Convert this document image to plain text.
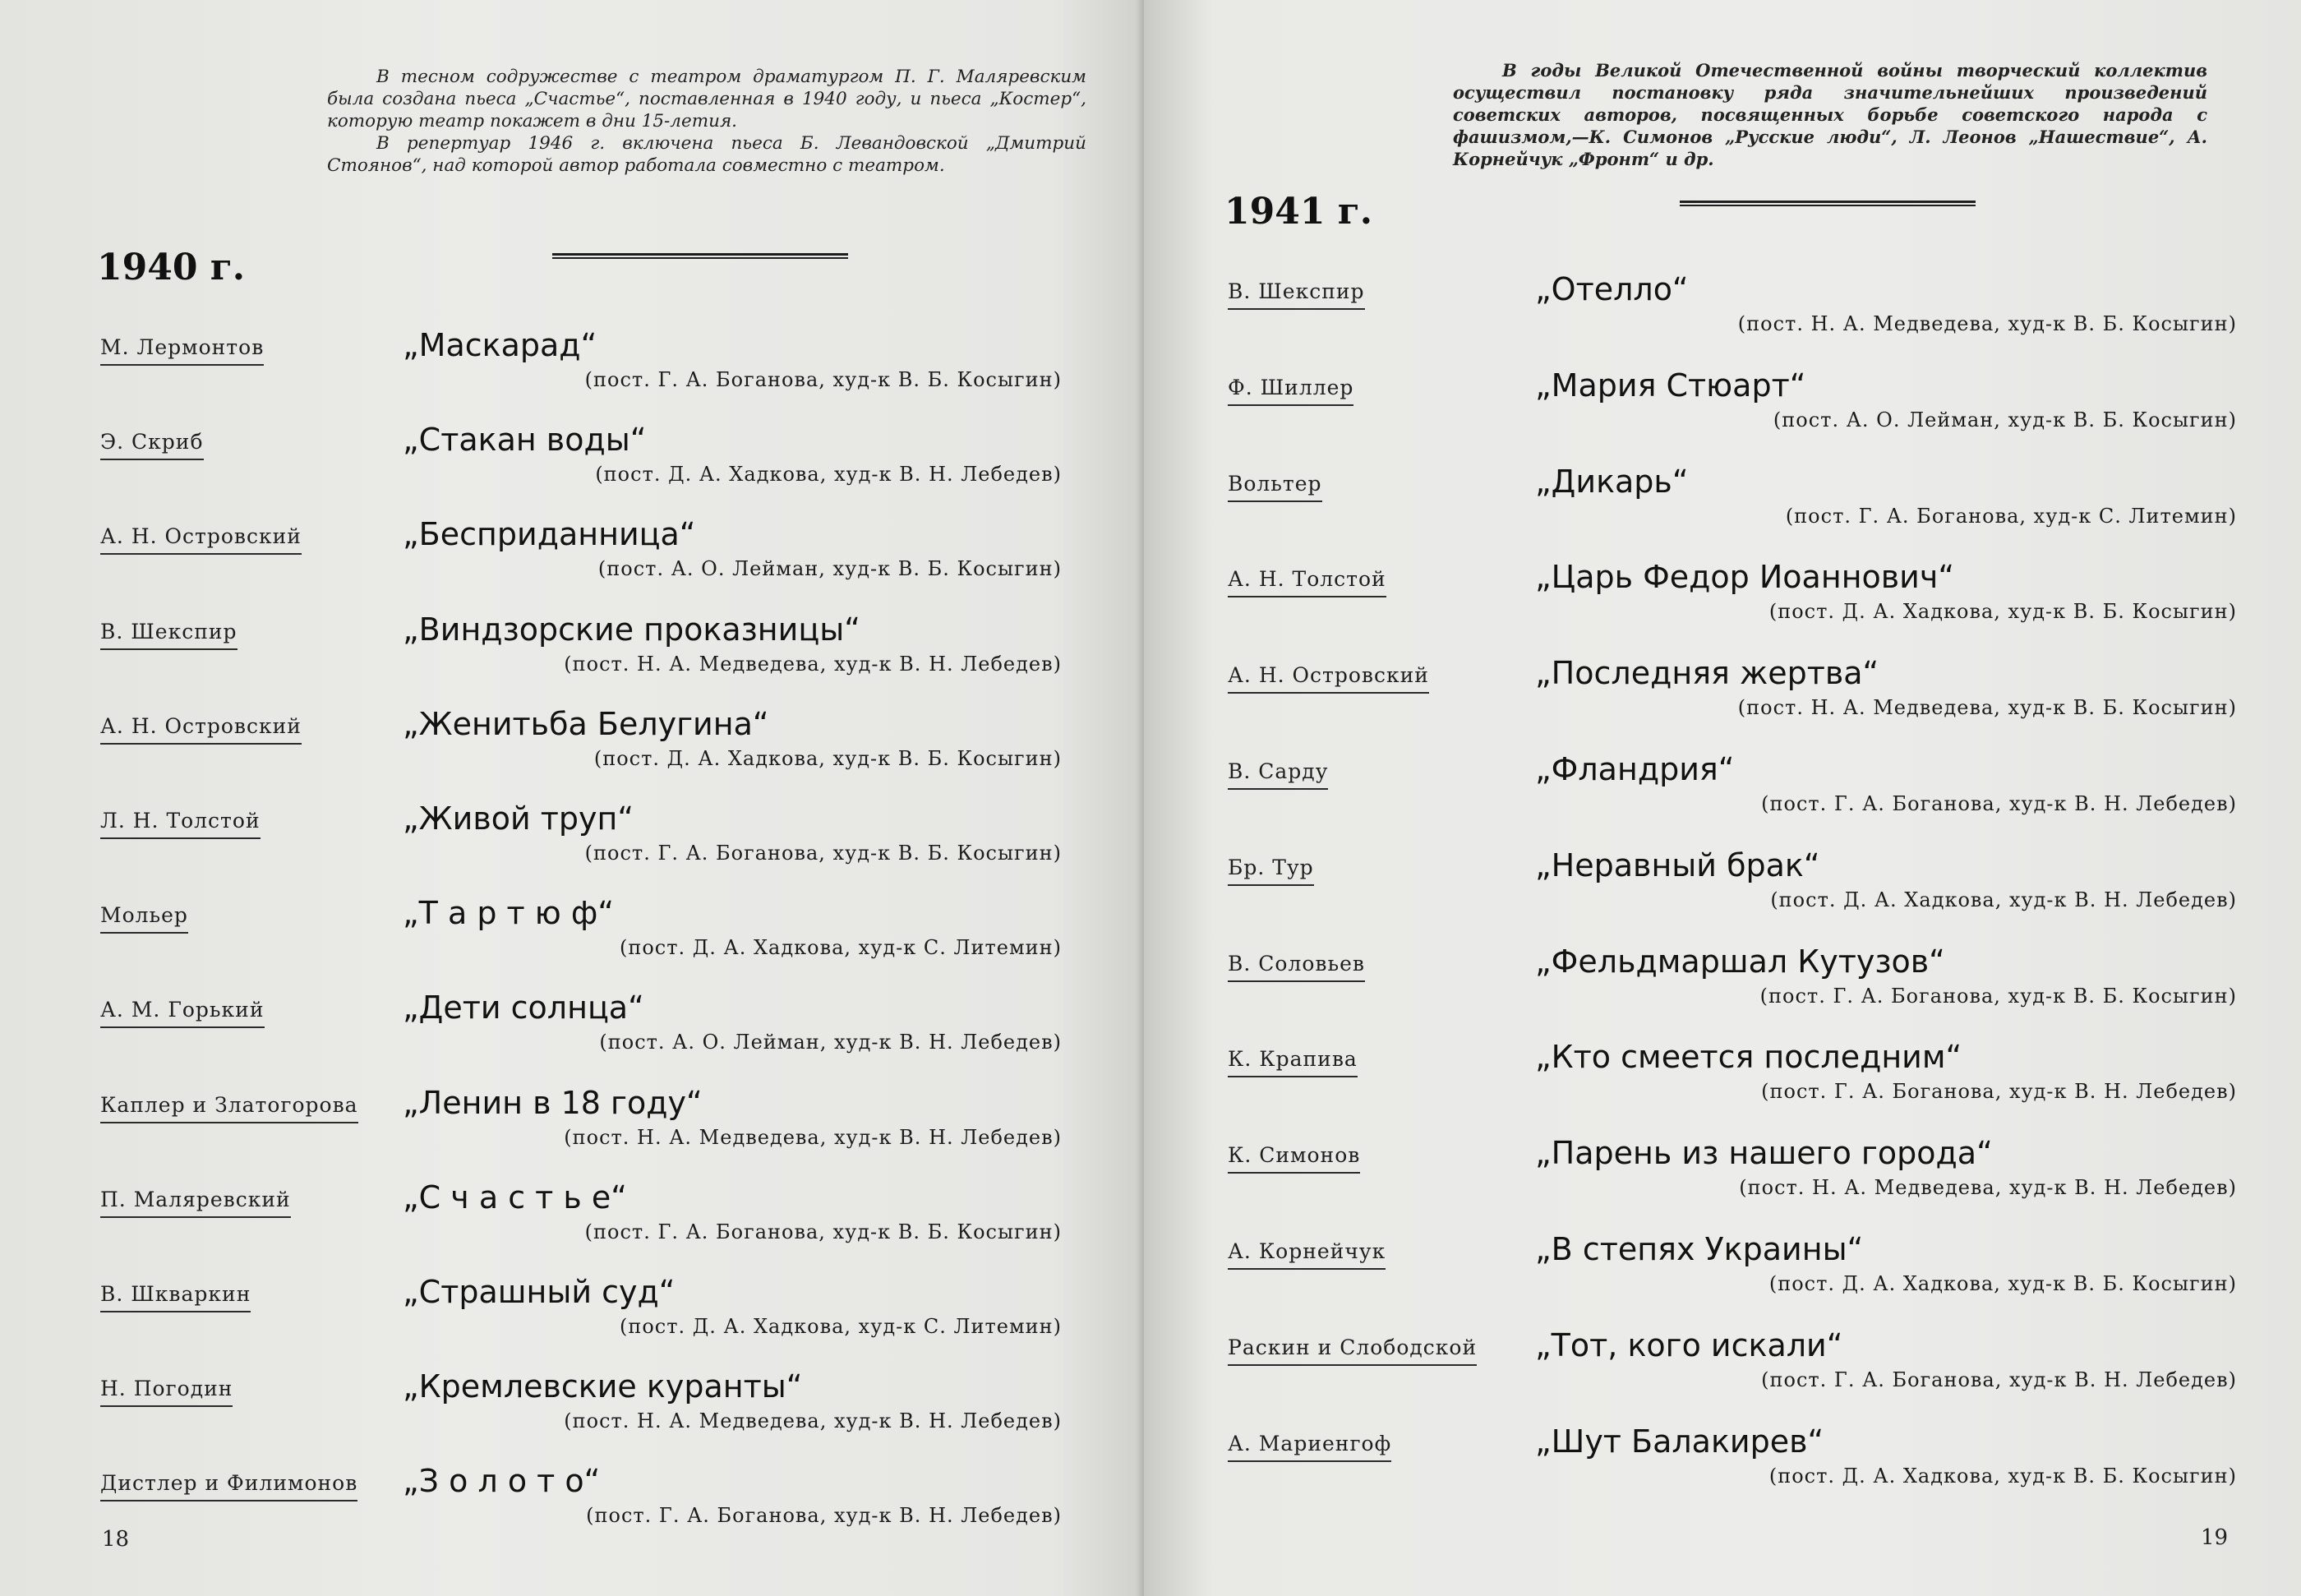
В тесном содружестве с театром драматургом П. Г. Маляревским была создана пьеса „Счастье“, поставленная в 1940 году, и пьеса „Костер“, которую театр покажет в дни 15-летия.

В репертуар 1946 г. включена пьеса Б. Левандовской „Дмитрий Стоянов“, над которой автор работала совместно с театром.

1940 г.
М. Лермонтов	„Маскарад“
(пост. Г. А. Боганова, худ-к В. Б. Косыгин)
Э. Скриб	„Стакан воды“
(пост. Д. А. Хадкова, худ-к В. Н. Лебедев)
А. Н. Островский	„Бесприданница“
(пост. А. О. Лейман, худ-к В. Б. Косыгин)
В. Шекспир	„Виндзорские проказницы“
(пост. Н. А. Медведева, худ-к В. Н. Лебедев)
А. Н. Островский	„Женитьба Белугина“
(пост. Д. А. Хадкова, худ-к В. Б. Косыгин)
Л. Н. Толстой	„Живой труп“
(пост. Г. А. Боганова, худ-к В. Б. Косыгин)
Мольер	„Т а р т ю ф“
(пост. Д. А. Хадкова, худ-к С. Литемин)
А. М. Горький	„Дети солнца“
(пост. А. О. Лейман, худ-к В. Н. Лебедев)
Каплер и Златогорова „Ленин в 18 году“
(пост. Н. А. Медведева, худ-к В. Н. Лебедев)
П. Маляревский	„С ч а с т ь е“
(пост. Г. А. Боганова, худ-к В. Б. Косыгин)
В. Шкваркин	„Страшный суд“
(пост. Д. А. Хадкова, худ-к С. Литемин)
Н. Погодин	„Кремлевские куранты“
(пост. Н. А. Медведева, худ-к В. Н. Лебедев)
Дистлер и Филимонов „З о л о т о“
(пост. Г. А. Боганова, худ-к В. Н. Лебедев)
18

В годы Великой Отечественной войны творческий коллектив осуществил постановку ряда значительнейших произведений советских авторов, посвященных борьбе советского народа с фашизмом,—К. Симонов „Русские люди“, Л. Леонов „Нашествие“, А. Корнейчук „Фронт“ и др.

1941 г.
В. Шекспир	„Отелло“
(пост. Н. А. Медведева, худ-к В. Б. Косыгин)
Ф. Шиллер	„Мария Стюарт“
(пост. А. О. Лейман, худ-к В. Б. Косыгин)
Вольтер	„Дикарь“
(пост. Г. А. Боганова, худ-к С. Литемин)
А. Н. Толстой	„Царь Федор Иоаннович“
(пост. Д. А. Хадкова, худ-к В. Б. Косыгин)
А. Н. Островский	„Последняя жертва“
(пост. Н. А. Медведева, худ-к В. Б. Косыгин)
В. Сарду	„Фландрия“
(пост. Г. А. Боганова, худ-к В. Н. Лебедев)
Бр. Тур	„Неравный брак“
(пост. Д. А. Хадкова, худ-к В. Н. Лебедев)
В. Соловьев	„Фельдмаршал Кутузов“
(пост. Г. А. Боганова, худ-к В. Б. Косыгин)
К. Крапива	„Кто смеется последним“
(пост. Г. А. Боганова, худ-к В. Н. Лебедев)
К. Симонов	„Парень из нашего города“
(пост. Н. А. Медведева, худ-к В. Н. Лебедев)
А. Корнейчук	„В степях Украины“
(пост. Д. А. Хадкова, худ-к В. Б. Косыгин)
Раскин и Слободской „Тот, кого искали“
(пост. Г. А. Боганова, худ-к В. Н. Лебедев)
А. Мариенгоф	„Шут Балакирев“
(пост. Д. А. Хадкова, худ-к В. Б. Косыгин)
19
